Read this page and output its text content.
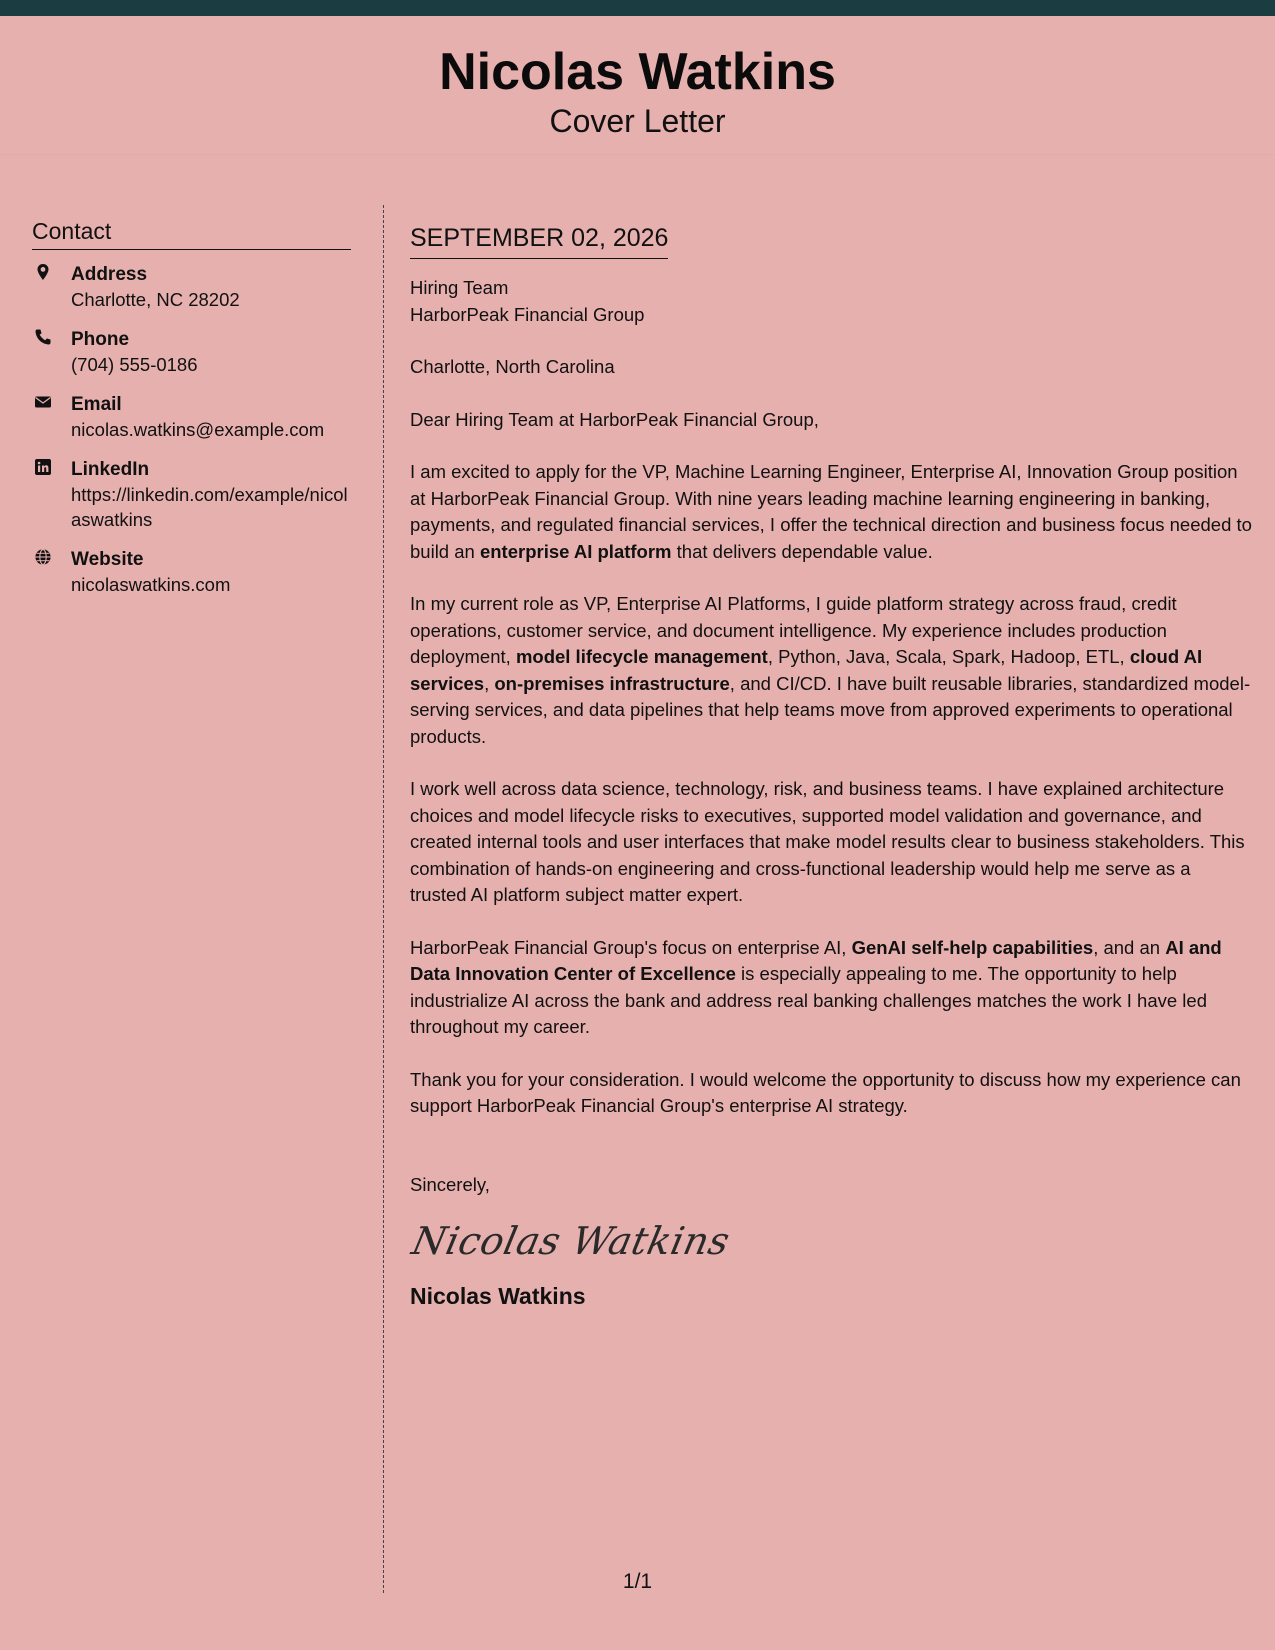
Nicolas Watkins
Cover Letter
Contact
Address
Charlotte, NC 28202
Phone
(704) 555-0186
Email
nicolas.watkins@example.com
LinkedIn
https://linkedin.com/example/nicolaswatkins
Website
nicolaswatkins.com
SEPTEMBER 02, 2026
Hiring Team
HarborPeak Financial Group
Charlotte, North Carolina
Dear Hiring Team at HarborPeak Financial Group,

I am excited to apply for the VP, Machine Learning Engineer, Enterprise AI, Innovation Group position at HarborPeak Financial Group. With nine years leading machine learning engineering in banking, payments, and regulated financial services, I offer the technical direction and business focus needed to build an enterprise AI platform that delivers dependable value.

In my current role as VP, Enterprise AI Platforms, I guide platform strategy across fraud, credit operations, customer service, and document intelligence. My experience includes production deployment, model lifecycle management, Python, Java, Scala, Spark, Hadoop, ETL, cloud AI services, on-premises infrastructure, and CI/CD. I have built reusable libraries, standardized model-serving services, and data pipelines that help teams move from approved experiments to operational products.

I work well across data science, technology, risk, and business teams. I have explained architecture choices and model lifecycle risks to executives, supported model validation and governance, and created internal tools and user interfaces that make model results clear to business stakeholders. This combination of hands-on engineering and cross-functional leadership would help me serve as a trusted AI platform subject matter expert.

HarborPeak Financial Group's focus on enterprise AI, GenAI self-help capabilities, and an AI and Data Innovation Center of Excellence is especially appealing to me. The opportunity to help industrialize AI across the bank and address real banking challenges matches the work I have led throughout my career.

Thank you for your consideration. I would welcome the opportunity to discuss how my experience can support HarborPeak Financial Group's enterprise AI strategy.

Sincerely,
Nicolas Watkins
Nicolas Watkins
1/1
